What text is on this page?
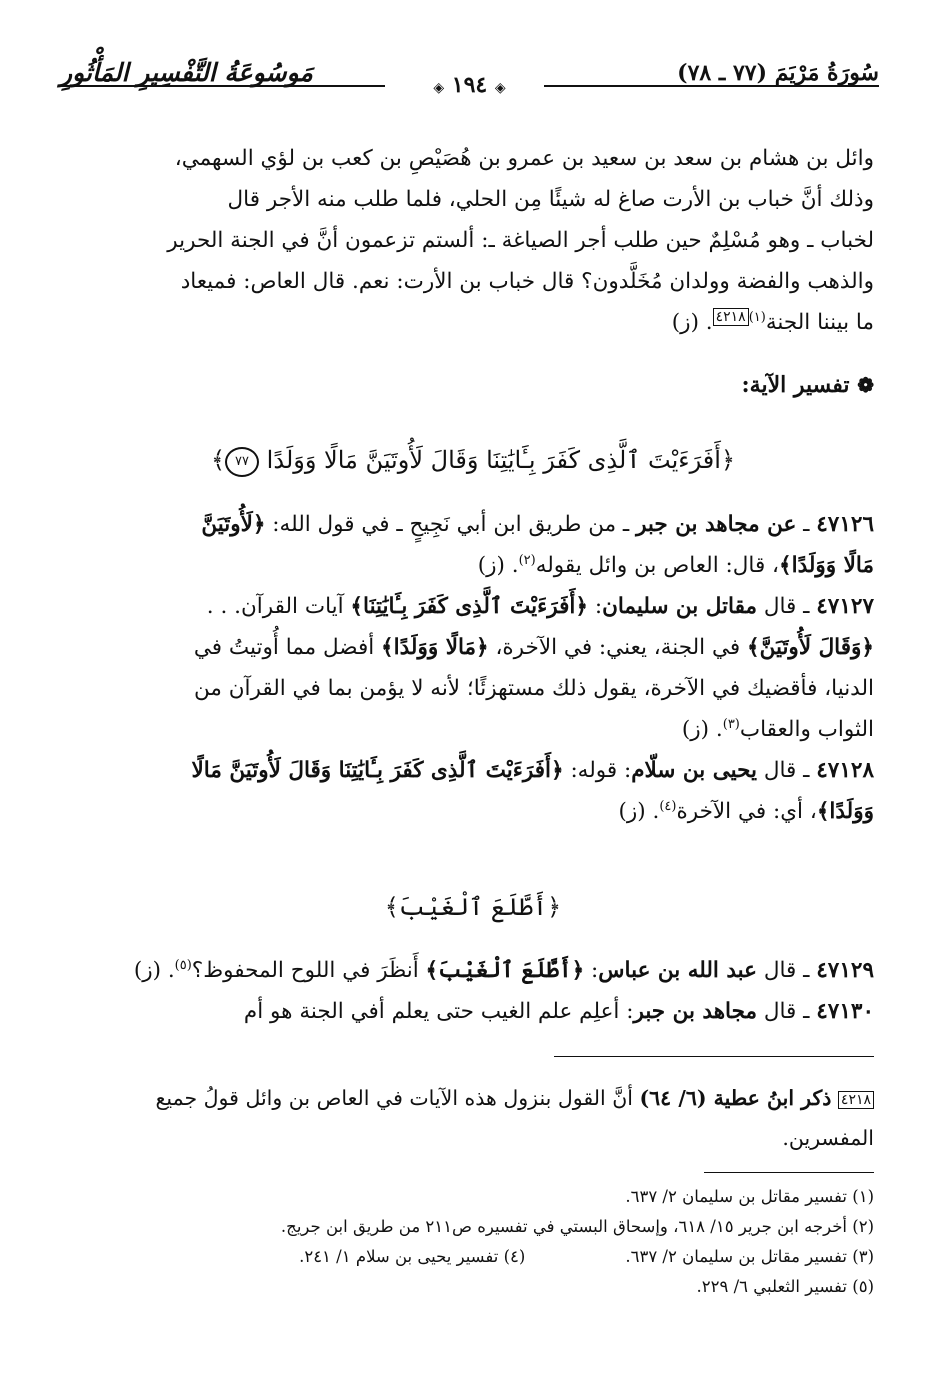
سُورَةُ مَرْيَمَ (٧٧ ـ ٧٨)
مَوسُوعَةُ التَّفْسِيرِ المَأْثُورِ
◈ ١٩٤ ◈

وائل بن هشام بن سعد بن سعيد بن عمرو بن هُصَيْصِ بن كعب بن لؤي السهمي،

وذلك أنَّ خباب بن الأرت صاغ له شيئًا مِن الحلي، فلما طلب منه الأجر قال

لخباب ـ وهو مُسْلِمٌ حين طلب أجر الصياغة ـ: ألستم تزعمون أنَّ في الجنة الحرير

والذهب والفضة وولدان مُخَلَّدون؟ قال خباب بن الأرت: نعم. قال العاص: فميعاد

ما بيننا الجنة$^{(١)}$٤٢١٨. (ز)

❁ تفسير الآية:
﴿أَفَرَءَيْتَ ٱلَّذِى كَفَرَ بِـَٔايَٰتِنَا وَقَالَ لَأُوتَيَنَّ مَالًا وَوَلَدًا ٧٧﴾

٤٧١٢٦ ـ عن مجاهد بن جبر ـ من طريق ابن أبي نَجِيحٍ ـ في قول الله: ﴿لَأُوتَيَنَّ

مَالًا وَوَلَدًا﴾، قال: العاص بن وائل يقوله$^{(٢)}$. (ز)

٤٧١٢٧ ـ قال مقاتل بن سليمان: ﴿أَفَرَءَيْتَ ٱلَّذِى كَفَرَ بِـَٔايَٰتِنَا﴾ آيات القرآن. . .

﴿وَقَالَ لَأُوتَيَنَّ﴾ في الجنة، يعني: في الآخرة، ﴿مَالًا وَوَلَدًا﴾ أفضل مما أُوتيتُ في

الدنيا، فأقضيك في الآخرة، يقول ذلك مستهزئًا؛ لأنه لا يؤمن بما في القرآن من

الثواب والعقاب$^{(٣)}$. (ز)

٤٧١٢٨ ـ قال يحيى بن سلّام: قوله: ﴿أَفَرَءَيْتَ ٱلَّذِى كَفَرَ بِـَٔايَٰتِنَا وَقَالَ لَأُوتَيَنَّ مَالًا

وَوَلَدًا﴾، أي: في الآخرة$^{(٤)}$. (ز)

﴿أَطَّلَعَ ٱلْغَيْبَ﴾

٤٧١٢٩ ـ قال عبد الله بن عباس: ﴿أَطَّلَعَ ٱلْغَيْبَ﴾ أَنظَرَ في اللوح المحفوظ؟$^{(٥)}$. (ز)

٤٧١٣٠ ـ قال مجاهد بن جبر: أعلِم علم الغيب حتى يعلم أفي الجنة هو أم

٤٢١٨ ذكر ابنُ عطية (٦/ ٦٤) أنَّ القول بنزول هذه الآيات في العاص بن وائل قولُ جميع
المفسرين.
(١) تفسير مقاتل بن سليمان ٢/ ٦٣٧.
(٢) أخرجه ابن جرير ١٥/ ٦١٨، وإسحاق البستي في تفسيره ص٢١١ من طريق ابن جريج.
(٣) تفسير مقاتل بن سليمان ٢/ ٦٣٧.
(٤) تفسير يحيى بن سلام ١/ ٢٤١.
(٥) تفسير الثعلبي ٦/ ٢٢٩.
